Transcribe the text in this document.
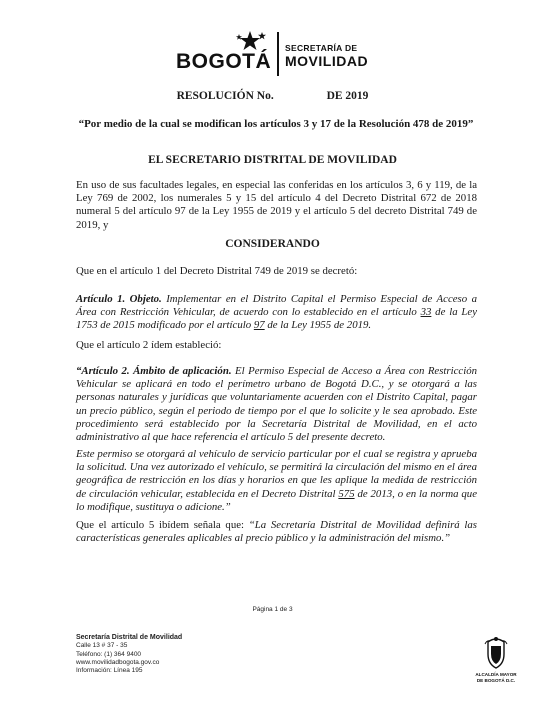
BOGOTÁ
SECRETARÍA DE
MOVILIDAD
RESOLUCIÓN No.	DE 2019
“Por medio de la cual se modifican los artículos 3 y 17 de la Resolución 478 de 2019”
EL SECRETARIO DISTRITAL DE MOVILIDAD
En uso de sus facultades legales, en especial las conferidas en los artículos 3, 6 y 119, de la Ley 769 de 2002, los numerales 5 y 15 del artículo 4 del Decreto Distrital 672 de 2018 numeral 5 del artículo 97 de la Ley 1955 de 2019 y el artículo 5 del decreto Distrital 749 de 2019, y
CONSIDERANDO
Que en el artículo 1 del Decreto Distrital 749 de 2019 se decretó:
Artículo 1. Objeto. Implementar en el Distrito Capital el Permiso Especial de Acceso a Área con Restricción Vehicular, de acuerdo con lo establecido en el artículo 33 de la Ley 1753 de 2015 modificado por el artículo 97 de la Ley 1955 de 2019.
Que el artículo 2 ídem estableció:
“Artículo 2. Ámbito de aplicación. El Permiso Especial de Acceso a Área con Restricción Vehicular se aplicará en todo el perímetro urbano de Bogotá D.C., y se otorgará a las personas naturales y jurídicas que voluntariamente acuerden con el Distrito Capital, pagar un precio público, según el periodo de tiempo por el que lo solicite y le sea aprobado. Este procedimiento será establecido por la Secretaría Distrital de Movilidad, en el acto administrativo al que hace referencia el artículo 5 del presente decreto.
Este permiso se otorgará al vehículo de servicio particular por el cual se registra y aprueba la solicitud. Una vez autorizado el vehículo, se permitirá la circulación del mismo en el área geográfica de restricción en los días y horarios en que les aplique la medida de restricción de circulación vehicular, establecida en el Decreto Distrital 575 de 2013, o en la norma que lo modifique, sustituya o adicione.”
Que el artículo 5 ibídem señala que: “La Secretaría Distrital de Movilidad definirá las características generales aplicables al precio público y la administración del mismo.”
Página 1 de 3
Secretaría Distrital de Movilidad
Calle 13 # 37 - 35
Teléfono: (1) 364 9400
www.movilidadbogota.gov.co
Información: Línea 195
ALCALDÍA MAYOR
DE BOGOTÁ D.C.
